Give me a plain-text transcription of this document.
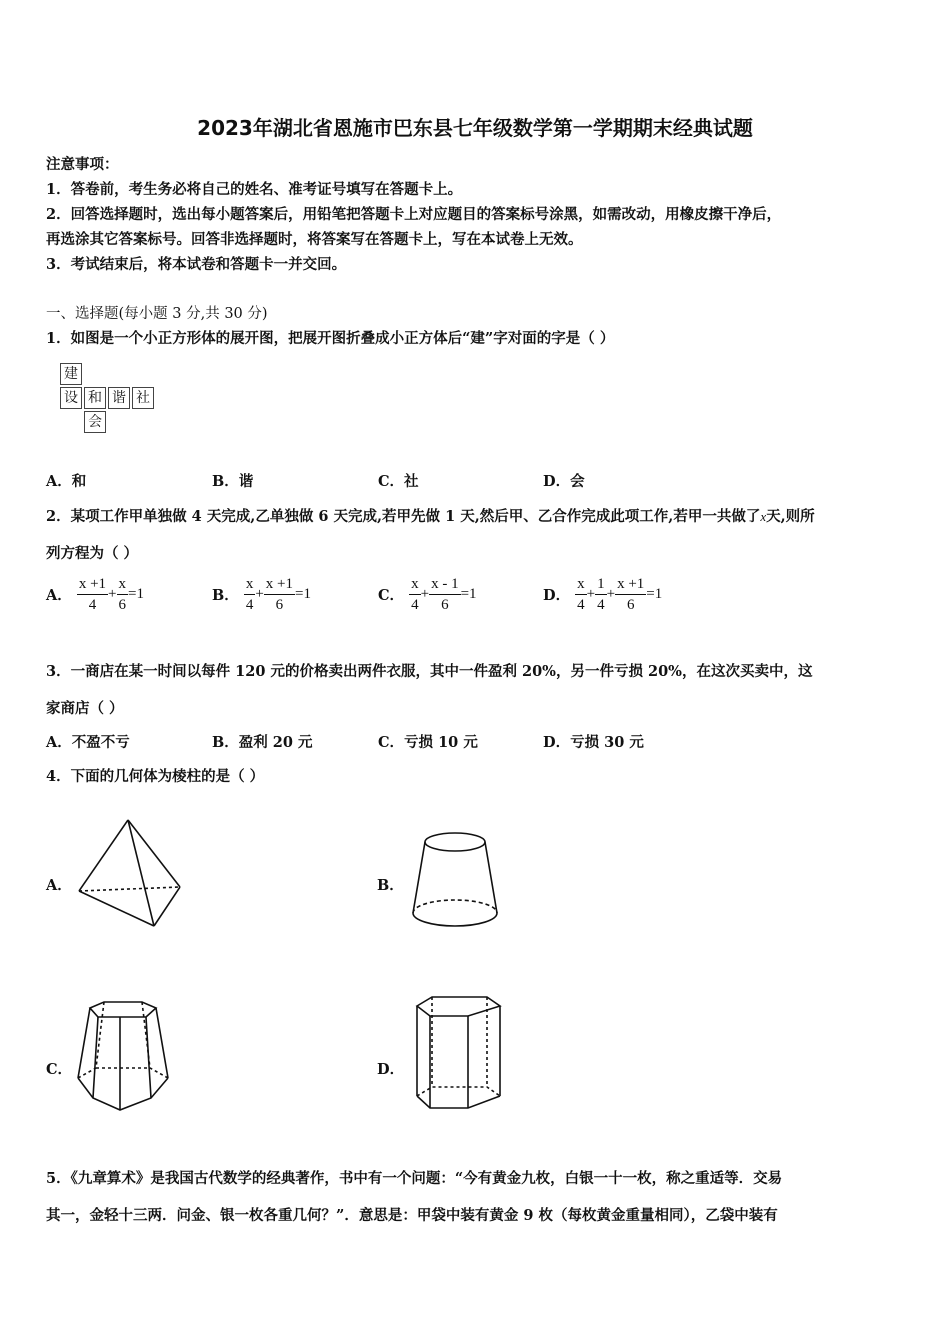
2023年湖北省恩施市巴东县七年级数学第一学期期末经典试题
注意事项：
1．答卷前，考生务必将自己的姓名、准考证号填写在答题卡上。
2．回答选择题时，选出每小题答案后，用铅笔把答题卡上对应题目的答案标号涂黑，如需改动，用橡皮擦干净后，
再选涂其它答案标号。回答非选择题时，将答案写在答题卡上，写在本试卷上无效。
3．考试结束后，将本试卷和答题卡一并交回。
一、选择题(每小题 3 分,共 30 分)
1．如图是一个小正方形体的展开图，把展开图折叠成小正方体后“建”字对面的字是（ ）
建
设 和 谐 社
会
A．和	B．谐	C．社	D．会
2．某项工作甲单独做 4 天完成,乙单独做 6 天完成,若甲先做 1 天,然后甲、乙合作完成此项工作,若甲一共做了x天,则所
列方程为（ ）
A． $\frac{x +1}{4} + \frac{x}{6} =1$	B． $\frac{x}{4} + \frac{x +1}{6} =1$	C． $\frac{x}{4} + \frac{x - 1}{6} =1$	D． $\frac{x}{4} + \frac{1}{4} + \frac{x +1}{6} =1$
3．一商店在某一时间以每件 120 元的价格卖出两件衣服，其中一件盈利 20%，另一件亏损 20%，在这次买卖中，这
家商店（ ）
A．不盈不亏	B．盈利 20 元	C．亏损 10 元	D．亏损 30 元
4．下面的几何体为棱柱的是（ ）
A．	B．
C．	D．
5．《九章算术》是我国古代数学的经典著作，书中有一个问题：“今有黄金九枚，白银一十一枚，称之重适等．交易
其一，金轻十三两．问金、银一枚各重几何？”．意思是：甲袋中装有黄金 9 枚（每枚黄金重量相同），乙袋中装有
